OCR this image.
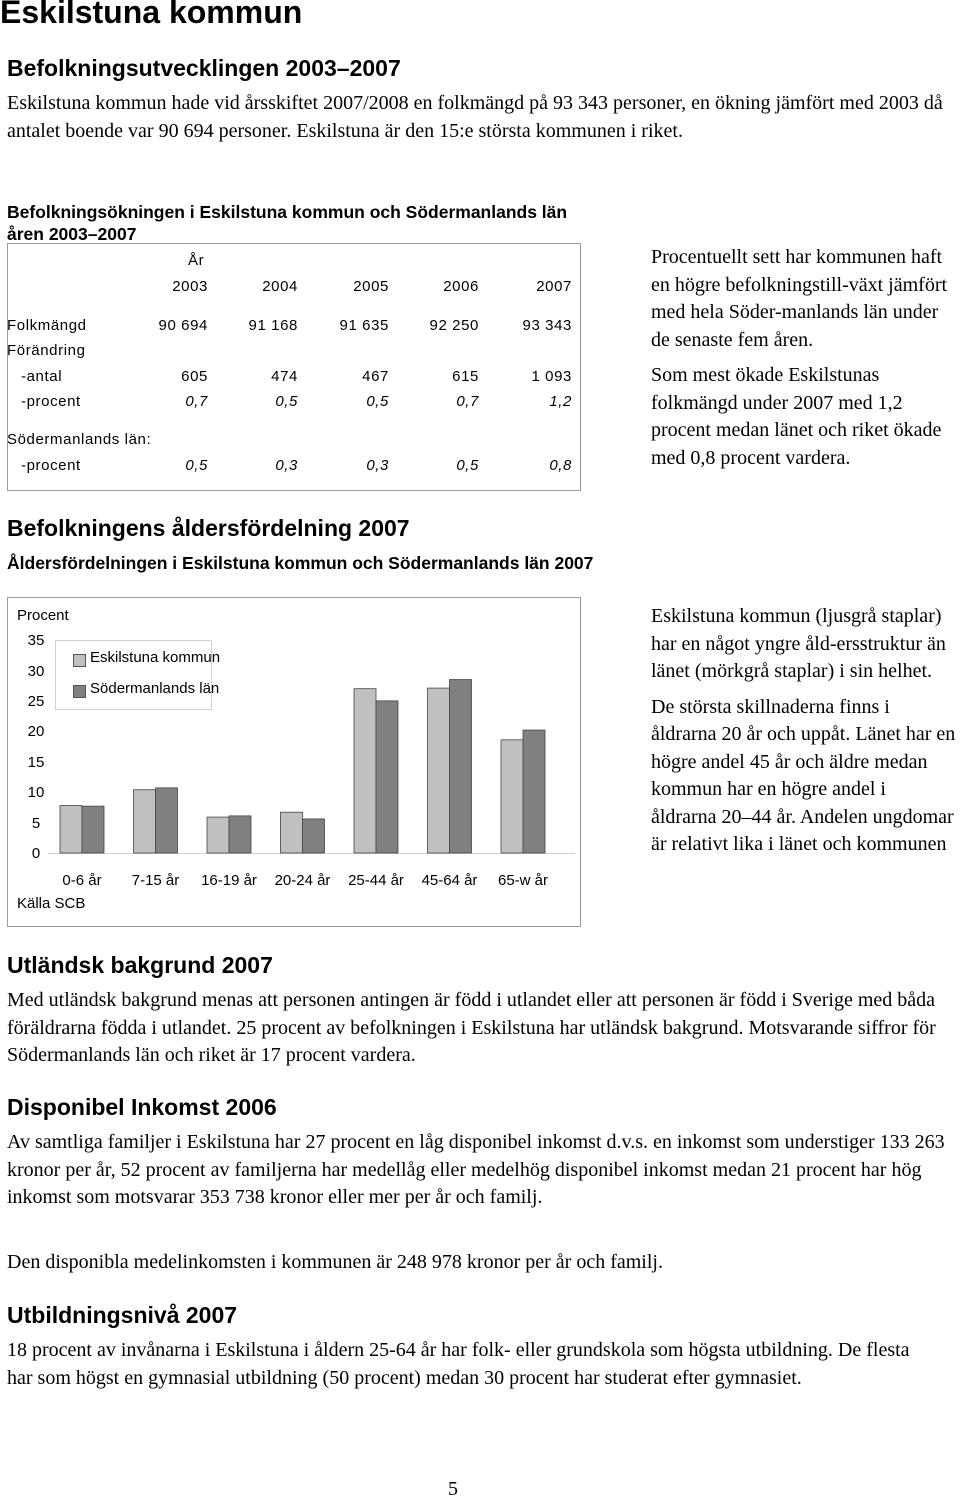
Eskilstuna kommun
Befolkningsutvecklingen 2003–2007

Eskilstuna kommun hade vid årsskiftet 2007/2008 en folkmängd på 93 343 personer, en ökning jämfört med 2003 då antalet boende var 90 694 personer. Eskilstuna är den 15:e största kommunen i riket.

Befolkningsökningen i Eskilstuna kommun och Södermanlands län åren 2003–2007
År
2003	2004	2005	2006	2007
Folkmängd	90 694	91 168	91 635	92 250	93 343
Förändring
-antal	605	474	467	615	1 093
-procent	0,7	0,5	0,5	0,7	1,2
Södermanlands län:
-procent	0,5	0,3	0,3	0,5	0,8

Procentuellt sett har kommunen haft en högre befolkningstill-växt jämfört med hela Söder-manlands län under de senaste fem åren.

Som mest ökade Eskilstunas folkmängd under 2007 med 1,2 procent medan länet och riket ökade med 0,8 procent vardera.

Befolkningens åldersfördelning 2007
Åldersfördelningen i Eskilstuna kommun och Södermanlands län 2007
Procent
0
5
10
15
20
25
30
35
0-6 år 7-15 år 16-19 år 20-24 år 25-44 år 45-64 år 65-w år
Källa SCB
Eskilstuna kommun
Södermanlands län

Eskilstuna kommun (ljusgrå staplar) har en något yngre åld-ersstruktur än länet (mörkgrå staplar) i sin helhet.

De största skillnaderna finns i åldrarna 20 år och uppåt. Länet har en högre andel 45 år och äldre medan kommun har en högre andel i åldrarna 20–44 år. Andelen ungdomar är relativt lika i länet och kommunen

Utländsk bakgrund 2007

Med utländsk bakgrund menas att personen antingen är född i utlandet eller att personen är född i Sverige med båda föräldrarna födda i utlandet. 25 procent av befolkningen i Eskilstuna har utländsk bakgrund. Motsvarande siffror för Södermanlands län och riket är 17 procent vardera.

Disponibel Inkomst 2006

Av samtliga familjer i Eskilstuna har 27 procent en låg disponibel inkomst d.v.s. en inkomst som understiger 133 263 kronor per år, 52 procent av familjerna har medellåg eller medelhög disponibel inkomst medan 21 procent har hög inkomst som motsvarar 353 738 kronor eller mer per år och familj.

Den disponibla medelinkomsten i kommunen är 248 978 kronor per år och familj.

Utbildningsnivå 2007

18 procent av invånarna i Eskilstuna i åldern 25-64 år har folk- eller grundskola som högsta utbildning. De flesta har som högst en gymnasial utbildning (50 procent) medan 30 procent har studerat efter gymnasiet.

5
